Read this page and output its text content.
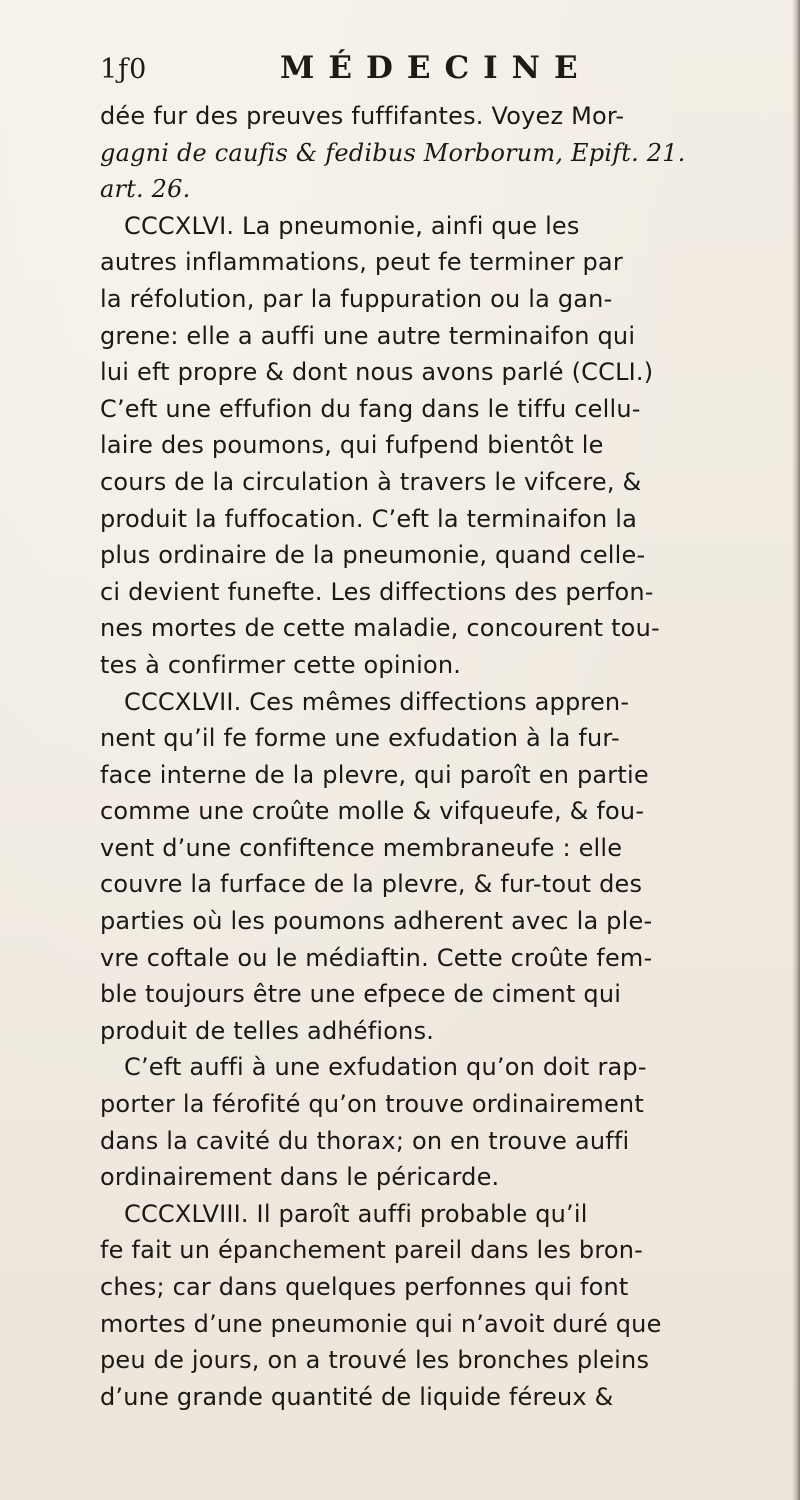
1ƒ0	MÉDECINE
dée fur des preuves fuffifantes. Voyez Mor-
gagni de caufis & fedibus Morborum, Epift. 21.
art. 26.
CCCXLVI. La pneumonie, ainfi que les
autres inflammations, peut fe terminer par
la réfolution, par la fuppuration ou la gan-
grene: elle a auffi une autre terminaifon qui
lui eft propre & dont nous avons parlé (CCLI.)
C’eft une effufion du fang dans le tiffu cellu-
laire des poumons, qui fufpend bientôt le
cours de la circulation à travers le vifcere, &
produit la fuffocation. C’eft la terminaifon la
plus ordinaire de la pneumonie, quand celle-
ci devient funefte. Les diffections des perfon-
nes mortes de cette maladie, concourent tou-
tes à confirmer cette opinion.
CCCXLVII. Ces mêmes diffections appren-
nent qu’il fe forme une exfudation à la fur-
face interne de la plevre, qui paroît en partie
comme une croûte molle & vifqueufe, & fou-
vent d’une confiftence membraneufe : elle
couvre la furface de la plevre, & fur-tout des
parties où les poumons adherent avec la ple-
vre coftale ou le médiaftin. Cette croûte fem-
ble toujours être une efpece de ciment qui
produit de telles adhéfions.
C’eft auffi à une exfudation qu’on doit rap-
porter la férofité qu’on trouve ordinairement
dans la cavité du thorax; on en trouve auffi
ordinairement dans le péricarde.
CCCXLVIII. Il paroît auffi probable qu’il
fe fait un épanchement pareil dans les bron-
ches; car dans quelques perfonnes qui font
mortes d’une pneumonie qui n’avoit duré que
peu de jours, on a trouvé les bronches pleins
d’une grande quantité de liquide féreux &
